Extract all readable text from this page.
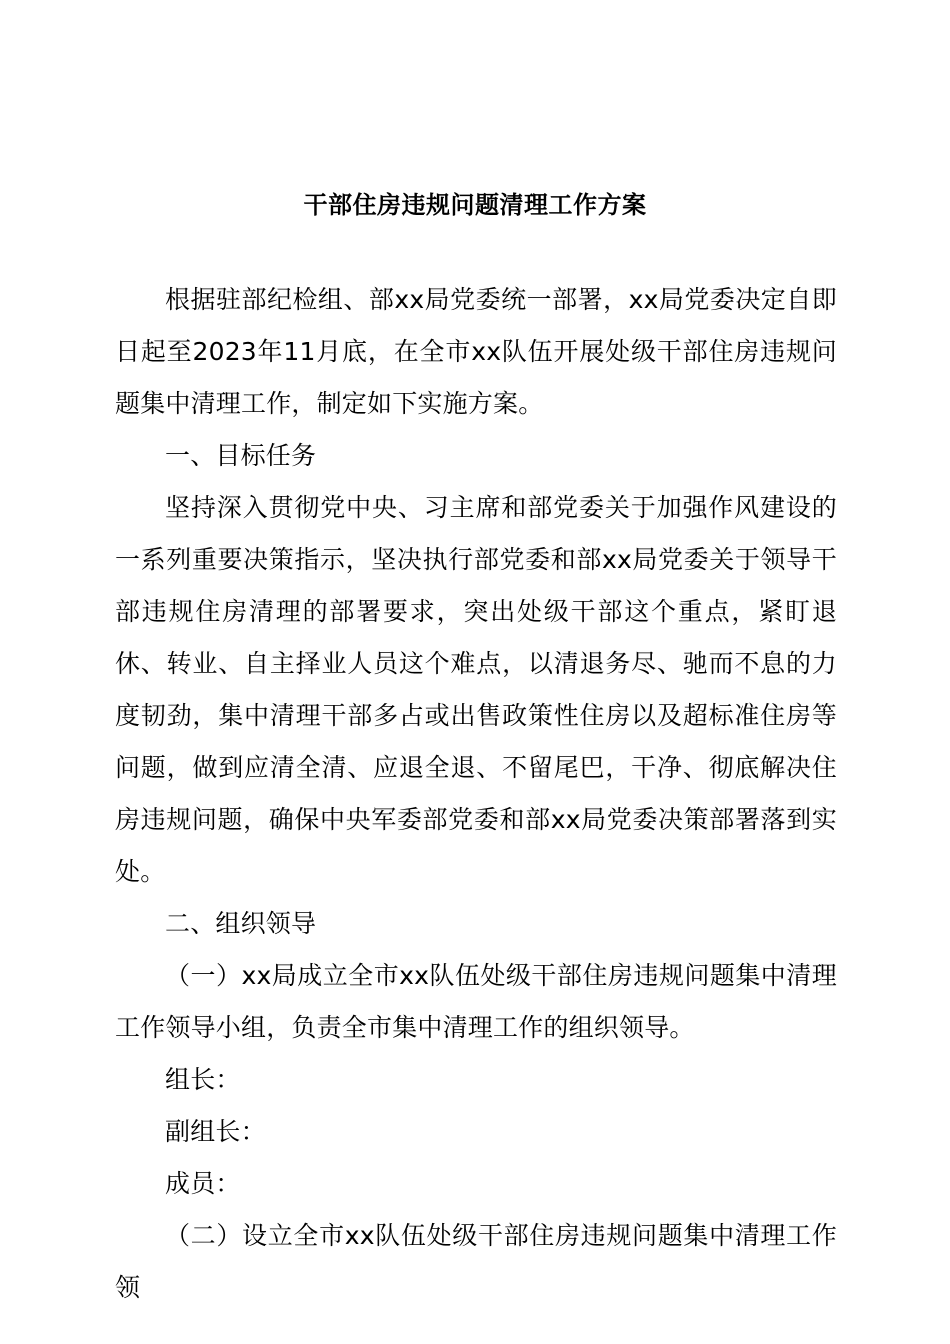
干部住房违规问题清理工作方案

根据驻部纪检组、部xx局党委统一部署，xx局党委决定自即日起至2023年11月底，在全市xx队伍开展处级干部住房违规问题集中清理工作，制定如下实施方案。

一、目标任务

坚持深入贯彻党中央、习主席和部党委关于加强作风建设的一系列重要决策指示，坚决执行部党委和部xx局党委关于领导干部违规住房清理的部署要求，突出处级干部这个重点，紧盯退休、转业、自主择业人员这个难点，以清退务尽、驰而不息的力度韧劲，集中清理干部多占或出售政策性住房以及超标准住房等问题，做到应清全清、应退全退、不留尾巴，干净、彻底解决住房违规问题，确保中央军委部党委和部xx局党委决策部署落到实处。

二、组织领导

（一）xx局成立全市xx队伍处级干部住房违规问题集中清理工作领导小组，负责全市集中清理工作的组织领导。

组长：

副组长：

成员：

（二）设立全市xx队伍处级干部住房违规问题集中清理工作领
